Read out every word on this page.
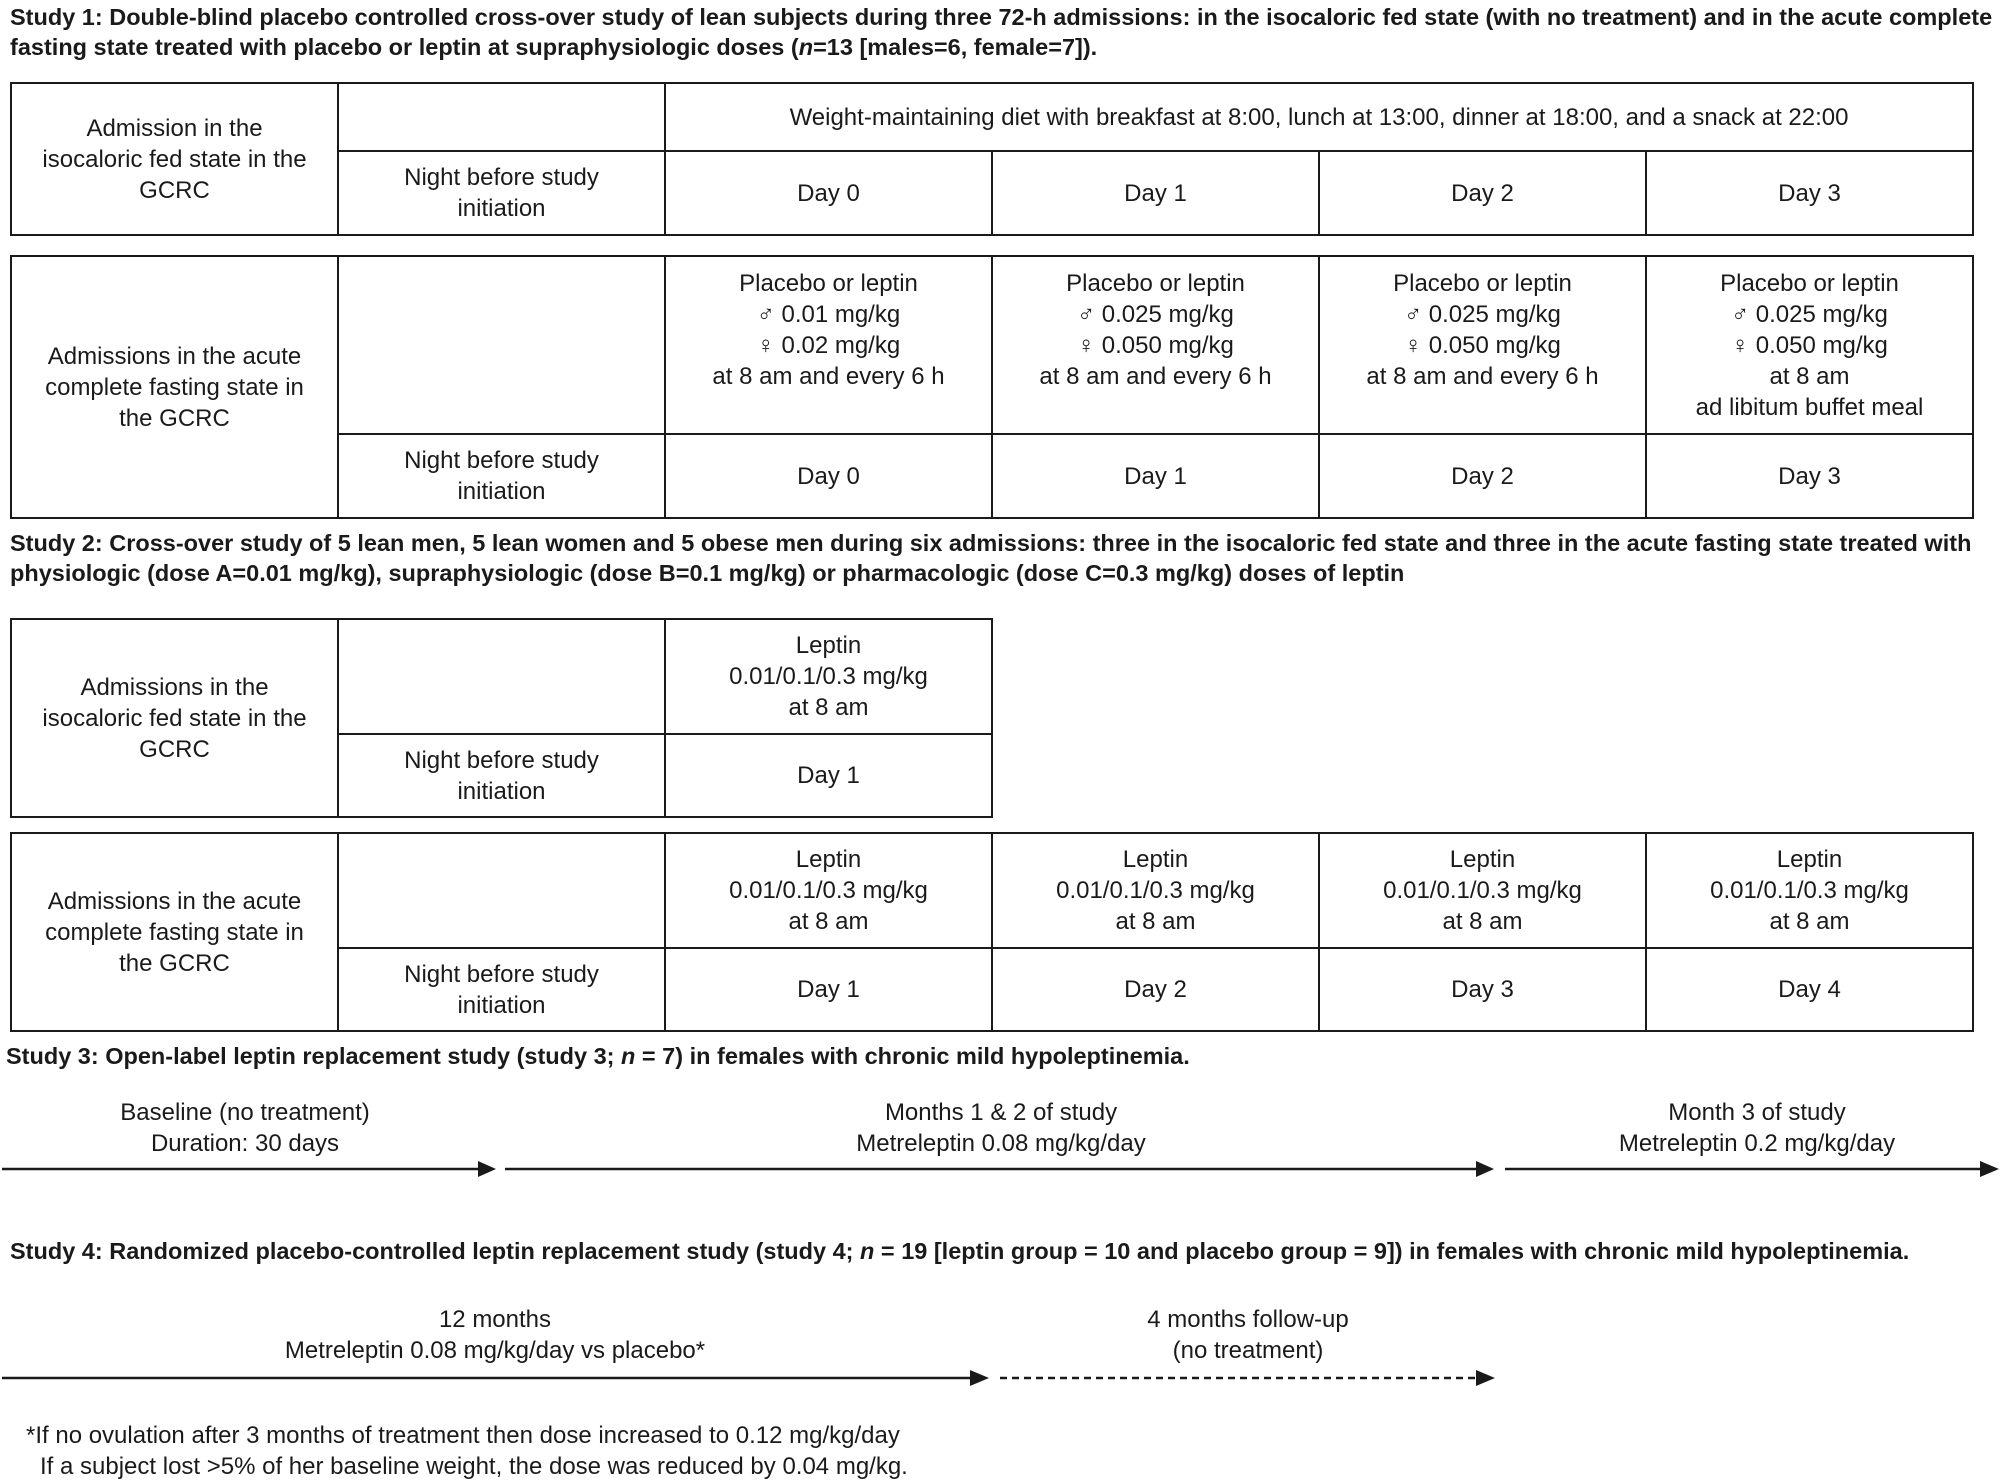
Study 1: Double-blind placebo controlled cross-over study of lean subjects during three 72-h admissions: in the isocaloric fed state (with no treatment) and in the acute complete fasting state treated with placebo or leptin at supraphysiologic doses (n=13 [males=6, female=7]).
Admission in the isocaloric fed state in the GCRC		Weight-maintaining diet with breakfast at 8:00, lunch at 13:00, dinner at 18:00, and a snack at 22:00			
	Night before study initiation	Day 0	Day 1	Day 2	Day 3
Admissions in the acute complete fasting state in the GCRC		Placebo or leptin
♂ 0.01 mg/kg
♀ 0.02 mg/kg
at 8 am and every 6 h	Placebo or leptin
♂ 0.025 mg/kg
♀ 0.050 mg/kg
at 8 am and every 6 h	Placebo or leptin
♂ 0.025 mg/kg
♀ 0.050 mg/kg
at 8 am and every 6 h	Placebo or leptin
♂ 0.025 mg/kg
♀ 0.050 mg/kg
at 8 am
ad libitum buffet meal

	Night before study initiation	Day 0	Day 1	Day 2	Day 3
Study 2: Cross-over study of 5 lean men, 5 lean women and 5 obese men during six admissions: three in the isocaloric fed state and three in the acute fasting state treated with physiologic (dose A=0.01 mg/kg), supraphysiologic (dose B=0.1 mg/kg) or pharmacologic (dose C=0.3 mg/kg) doses of leptin
Admissions in the isocaloric fed state in the GCRC		Leptin
0.01/0.1/0.3 mg/kg
at 8 am

	Night before study initiation	Day 1
Admissions in the acute complete fasting state in the GCRC		Leptin
0.01/0.1/0.3 mg/kg
at 8 am	Leptin
0.01/0.1/0.3 mg/kg
at 8 am	Leptin
0.01/0.1/0.3 mg/kg
at 8 am	Leptin
0.01/0.1/0.3 mg/kg
at 8 am

	Night before study initiation	Day 1	Day 2	Day 3	Day 4
Study 3: Open-label leptin replacement study (study 3; n = 7) in females with chronic mild hypoleptinemia.
Baseline (no treatment)
Duration: 30 days
Months 1 & 2 of study
Metreleptin 0.08 mg/kg/day
Month 3 of study
Metreleptin 0.2 mg/kg/day
Study 4: Randomized placebo-controlled leptin replacement study (study 4; n = 19 [leptin group = 10 and placebo group = 9]) in females with chronic mild hypoleptinemia.
12 months
Metreleptin 0.08 mg/kg/day vs placebo*
4 months follow-up
(no treatment)
*If no ovulation after 3 months of treatment then dose increased to 0.12 mg/kg/day
If a subject lost >5% of her baseline weight, the dose was reduced by 0.04 mg/kg.
